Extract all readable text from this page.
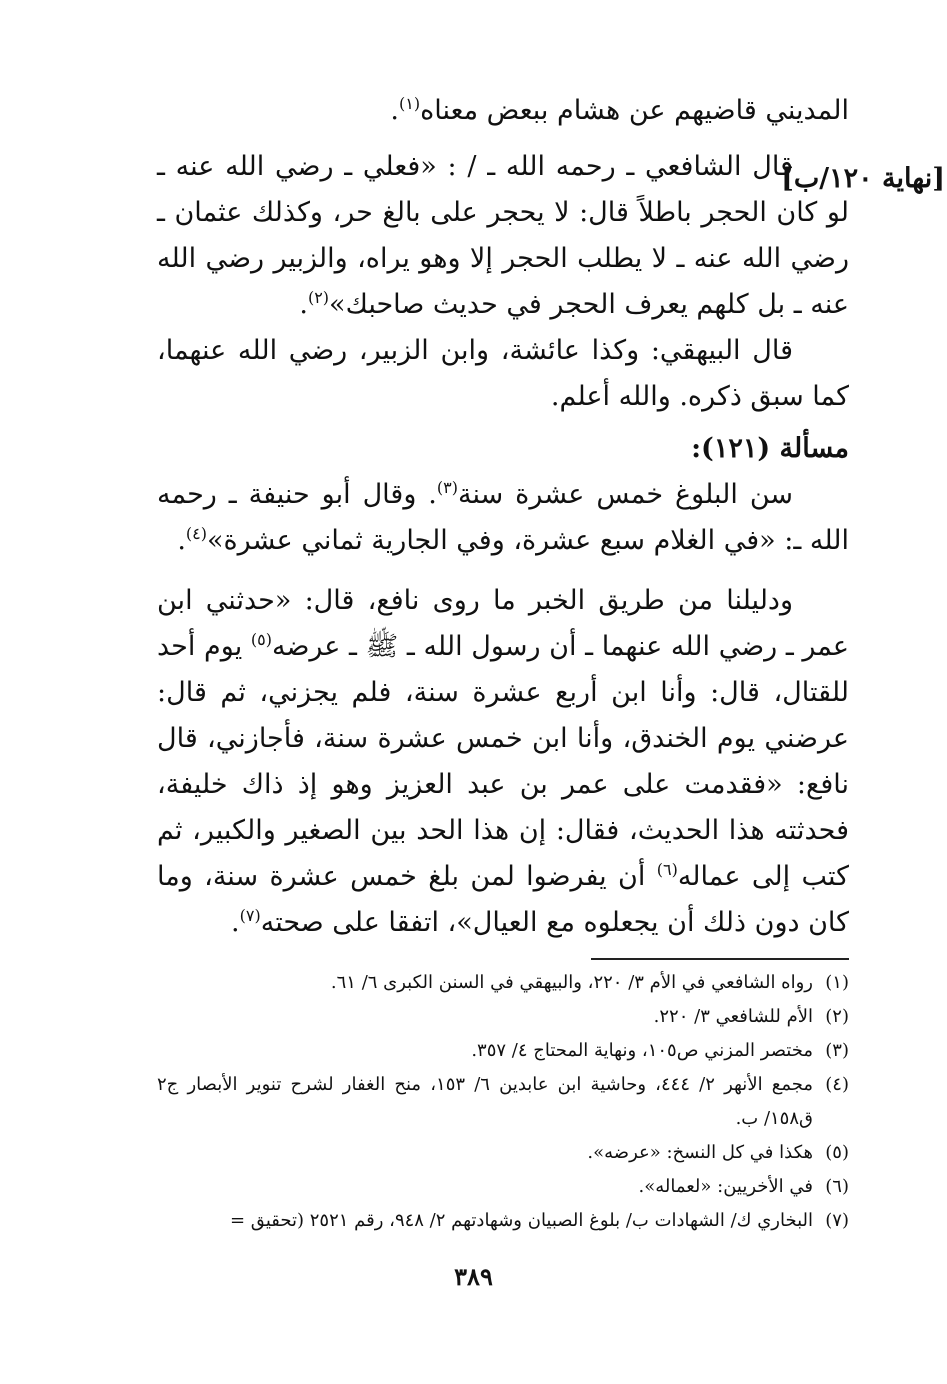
[نهاية ١٢٠/ب]

المديني قاضيهم عن هشام ببعض معناه$^{(١)}$.

قال الشافعي ـ رحمه الله ـ / : «فعلي ـ رضي الله عنه ـ لو كان الحجر باطلاً قال: لا يحجر على بالغ حر، وكذلك عثمان ـ رضي الله عنه ـ لا يطلب الحجر إلا وهو يراه، والزبير رضي الله عنه ـ بل كلهم يعرف الحجر في حديث صاحبك»$^{(٢)}$.

قال البيهقي: وكذا عائشة، وابن الزبير، رضي الله عنهما، كما سبق ذكره. والله أعلم.

مسألة (١٢١):

سن البلوغ خمس عشرة سنة$^{(٣)}$. وقال أبو حنيفة ـ رحمه الله ـ: «في الغلام سبع عشرة، وفي الجارية ثماني عشرة»$^{(٤)}$.

ودليلنا من طريق الخبر ما روى نافع، قال: «حدثني ابن عمر ـ رضي الله عنهما ـ أن رسول الله ـ ﷺ ـ عرضه$^{(٥)}$ يوم أحد للقتال، قال: وأنا ابن أربع عشرة سنة، فلم يجزني، ثم قال: عرضني يوم الخندق، وأنا ابن خمس عشرة سنة، فأجازني، قال نافع: «فقدمت على عمر بن عبد العزيز وهو إذ ذاك خليفة، فحدثته هذا الحديث، فقال: إن هذا الحد بين الصغير والكبير، ثم كتب إلى عماله$^{(٦)}$ أن يفرضوا لمن بلغ خمس عشرة سنة، وما كان دون ذلك أن يجعلوه مع العيال»، اتفقا على صحته$^{(٧)}$.

(١)
رواه الشافعي في الأم ٣/ ٢٢٠، والبيهقي في السنن الكبرى ٦/ ٦١.
(٢)
الأم للشافعي ٣/ ٢٢٠.
(٣)
مختصر المزني ص١٠٥، ونهاية المحتاج ٤/ ٣٥٧.
(٤)
مجمع الأنهر ٢/ ٤٤٤، وحاشية ابن عابدين ٦/ ١٥٣، منح الغفار لشرح تنوير الأبصار ج٢ ق١٥٨/ ب.
(٥)
هكذا في كل النسخ: «عرضه».
(٦)
في الأخريين: «لعماله».
(٧)
البخاري ك/ الشهادات ب/ بلوغ الصبيان وشهادتهم ٢/ ٩٤٨، رقم ٢٥٢١ (تحقيق =
٣٨٩
